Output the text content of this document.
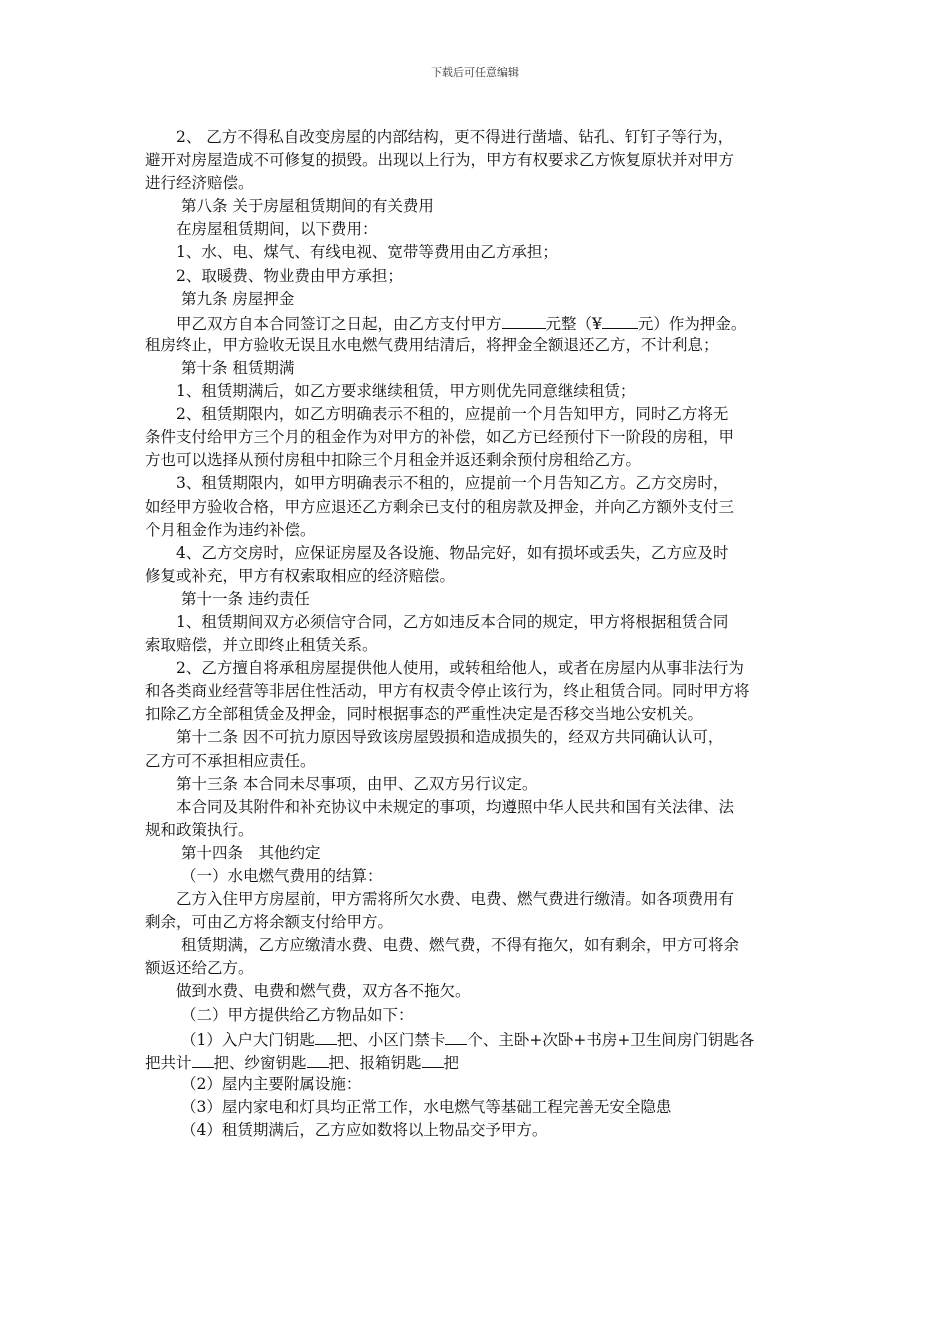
下载后可任意编辑
2、 乙方不得私自改变房屋的内部结构，更不得进行凿墙、钻孔、钉钉子等行为，
避开对房屋造成不可修复的损毁。出现以上行为，甲方有权要求乙方恢复原状并对甲方
进行经济赔偿。
第八条 关于房屋租赁期间的有关费用
在房屋租赁期间，以下费用：
1、水、电、煤气、有线电视、宽带等费用由乙方承担；
2、取暖费、物业费由甲方承担；
第九条 房屋押金
甲乙双方自本合同签订之日起，由乙方支付甲方	元整（¥ 元）作为押金。
租房终止，甲方验收无误且水电燃气费用结清后，将押金全额退还乙方，不计利息；
第十条 租赁期满
1、租赁期满后，如乙方要求继续租赁，甲方则优先同意继续租赁；
2、租赁期限内，如乙方明确表示不租的，应提前一个月告知甲方，同时乙方将无
条件支付给甲方三个月的租金作为对甲方的补偿，如乙方已经预付下一阶段的房租，甲
方也可以选择从预付房租中扣除三个月租金并返还剩余预付房租给乙方。
3、租赁期限内，如甲方明确表示不租的，应提前一个月告知乙方。乙方交房时，
如经甲方验收合格，甲方应退还乙方剩余已支付的租房款及押金，并向乙方额外支付三
个月租金作为违约补偿。
4、乙方交房时，应保证房屋及各设施、物品完好，如有损坏或丢失，乙方应及时
修复或补充，甲方有权索取相应的经济赔偿。
第十一条 违约责任
1、租赁期间双方必须信守合同，乙方如违反本合同的规定，甲方将根据租赁合同
索取赔偿，并立即终止租赁关系。
2、乙方擅自将承租房屋提供他人使用，或转租给他人，或者在房屋内从事非法行为
和各类商业经营等非居住性活动，甲方有权责令停止该行为，终止租赁合同。同时甲方将
扣除乙方全部租赁金及押金，同时根据事态的严重性决定是否移交当地公安机关。
第十二条 因不可抗力原因导致该房屋毁损和造成损失的，经双方共同确认认可，
乙方可不承担相应责任。
第十三条 本合同未尽事项，由甲、乙双方另行议定。
本合同及其附件和补充协议中未规定的事项，均遵照中华人民共和国有关法律、法
规和政策执行。
第十四条　其他约定
（一）水电燃气费用的结算：
乙方入住甲方房屋前，甲方需将所欠水费、电费、燃气费进行缴清。如各项费用有
剩余，可由乙方将余额支付给甲方。
租赁期满，乙方应缴清水费、电费、燃气费，不得有拖欠，如有剩余，甲方可将余
额返还给乙方。
做到水费、电费和燃气费，双方各不拖欠。
（二）甲方提供给乙方物品如下：
（1）入户大门钥匙 把、小区门禁卡 个、主卧+次卧+书房+卫生间房门钥匙各
把共计 把、纱窗钥匙 把、报箱钥匙 把
（2）屋内主要附属设施：
（3）屋内家电和灯具均正常工作，水电燃气等基础工程完善无安全隐患
（4）租赁期满后，乙方应如数将以上物品交予甲方。
